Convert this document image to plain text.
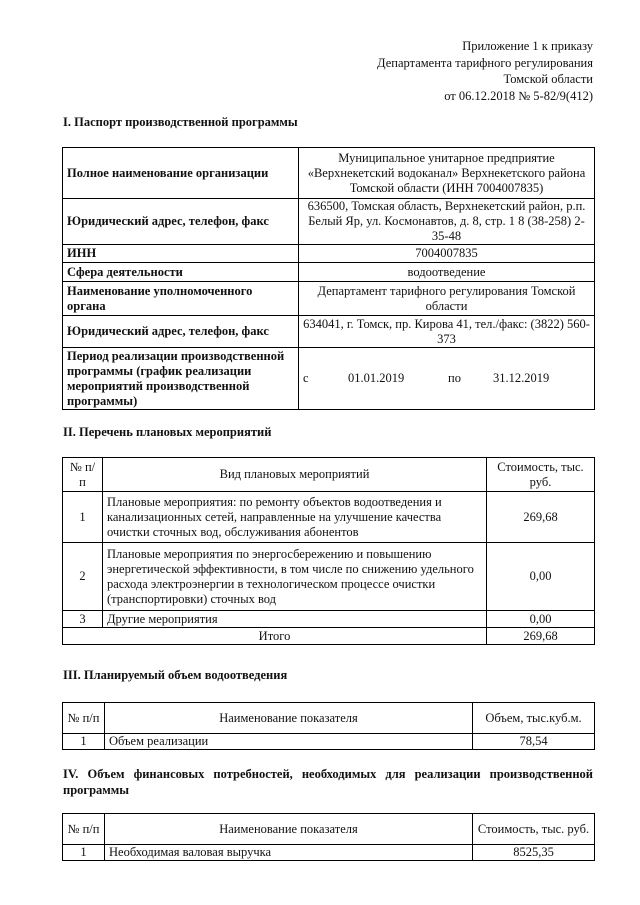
Приложение 1 к приказу
Департамента тарифного регулирования
Томской области
от 06.12.2018 № 5-82/9(412)
I. Паспорт производственной программы
Полное наименование организации	Муниципальное унитарное предприятие «Верхнекетский водоканал» Верхнекетского района Томской области (ИНН 7004007835)
Юридический адрес, телефон, факс	636500, Томская область, Верхнекетский район, р.п. Белый Яр, ул. Космонавтов, д. 8, стр. 1 8 (38-258) 2-35-48
ИНН	7004007835
Сфера деятельности	водоотведение
Наименование уполномоченного органа	Департамент тарифного регулирования Томской области
Юридический адрес, телефон, факс	634041, г. Томск, пр. Кирова 41, тел./факс: (3822) 560-373
Период реализации производственной программы (график реализации мероприятий производственной программы)	с 01.01.2019 по 31.12.2019
II. Перечень плановых мероприятий
№ п/п	Вид плановых мероприятий	Стоимость, тыс. руб.
1	Плановые мероприятия: по ремонту объектов водоотведения и канализационных сетей, направленные на улучшение качества очистки сточных вод, обслуживания абонентов	269,68
2	Плановые мероприятия по энергосбережению и повышению энергетической эффективности, в том числе по снижению удельного расхода электроэнергии в технологическом процессе очистки (транспортировки) сточных вод	0,00
3	Другие мероприятия	0,00
Итого		269,68
III. Планируемый объем водоотведения
№ п/п	Наименование показателя	Объем, тыс.куб.м.
1	Объем реализации	78,54
IV. Объем финансовых потребностей, необходимых для реализации производственной программы
№ п/п	Наименование показателя	Стоимость, тыс. руб.
1	Необходимая валовая выручка	8525,35
